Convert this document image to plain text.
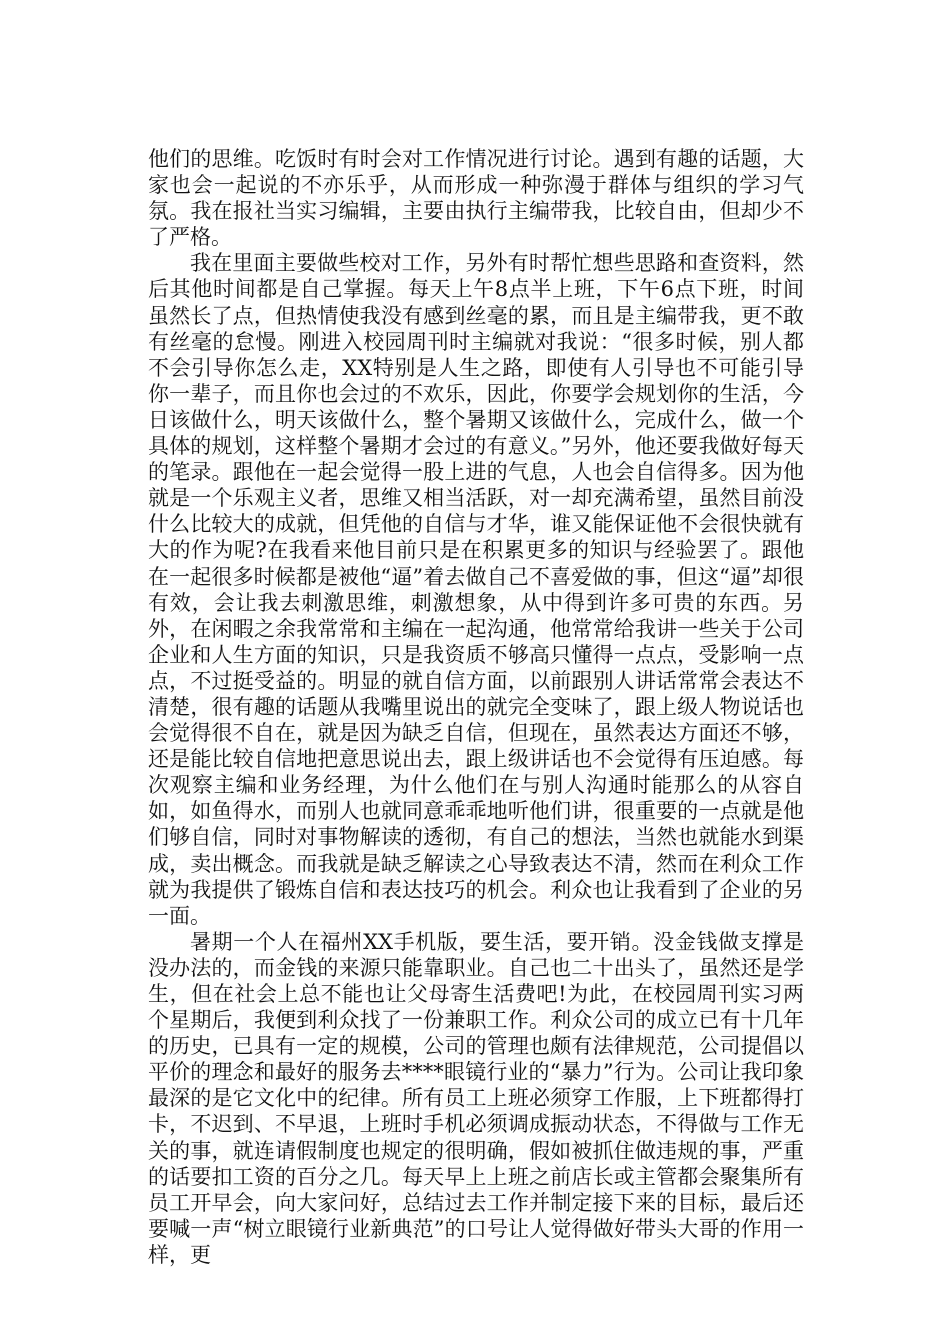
他们的思维。吃饭时有时会对工作情况进行讨论。遇到有趣的话题，大家也会一起说的不亦乐乎，从而形成一种弥漫于群体与组织的学习气氛。我在报社当实习编辑，主要由执行主编带我，比较自由，但却少不了严格。

我在里面主要做些校对工作，另外有时帮忙想些思路和查资料，然后其他时间都是自己掌握。每天上午8点半上班，下午6点下班，时间虽然长了点，但热情使我没有感到丝毫的累，而且是主编带我，更不敢有丝毫的怠慢。刚进入校园周刊时主编就对我说：“很多时候，别人都不会引导你怎么走，XX特别是人生之路，即使有人引导也不可能引导你一辈子，而且你也会过的不欢乐，因此，你要学会规划你的生活，今日该做什么，明天该做什么，整个暑期又该做什么，完成什么，做一个具体的规划，这样整个暑期才会过的有意义。”另外，他还要我做好每天的笔录。跟他在一起会觉得一股上进的气息，人也会自信得多。因为他就是一个乐观主义者，思维又相当活跃，对一却充满希望，虽然目前没什么比较大的成就，但凭他的自信与才华，谁又能保证他不会很快就有大的作为呢?在我看来他目前只是在积累更多的知识与经验罢了。跟他在一起很多时候都是被他“逼”着去做自己不喜爱做的事，但这“逼”却很有效，会让我去刺激思维，刺激想象，从中得到许多可贵的东西。另外，在闲暇之余我常常和主编在一起沟通，他常常给我讲一些关于公司企业和人生方面的知识，只是我资质不够高只懂得一点点，受影响一点点，不过挺受益的。明显的就自信方面，以前跟别人讲话常常会表达不清楚，很有趣的话题从我嘴里说出的就完全变味了，跟上级人物说话也会觉得很不自在，就是因为缺乏自信，但现在，虽然表达方面还不够，还是能比较自信地把意思说出去，跟上级讲话也不会觉得有压迫感。每次观察主编和业务经理，为什么他们在与别人沟通时能那么的从容自如，如鱼得水，而别人也就同意乖乖地听他们讲，很重要的一点就是他们够自信，同时对事物解读的透彻，有自己的想法，当然也就能水到渠成，卖出概念。而我就是缺乏解读之心导致表达不清，然而在利众工作就为我提供了锻炼自信和表达技巧的机会。利众也让我看到了企业的另一面。

暑期一个人在福州XX手机版，要生活，要开销。没金钱做支撑是没办法的，而金钱的来源只能靠职业。自己也二十出头了，虽然还是学生，但在社会上总不能也让父母寄生活费吧!为此，在校园周刊实习两个星期后，我便到利众找了一份兼职工作。利众公司的成立已有十几年的历史，已具有一定的规模，公司的管理也颇有法律规范，公司提倡以平价的理念和最好的服务去****眼镜行业的“暴力”行为。公司让我印象最深的是它文化中的纪律。所有员工上班必须穿工作服，上下班都得打卡，不迟到、不早退，上班时手机必须调成振动状态，不得做与工作无关的事，就连请假制度也规定的很明确，假如被抓住做违规的事，严重的话要扣工资的百分之几。每天早上上班之前店长或主管都会聚集所有员工开早会，向大家问好，总结过去工作并制定接下来的目标，最后还要喊一声“树立眼镜行业新典范”的口号让人觉得做好带头大哥的作用一样，更
